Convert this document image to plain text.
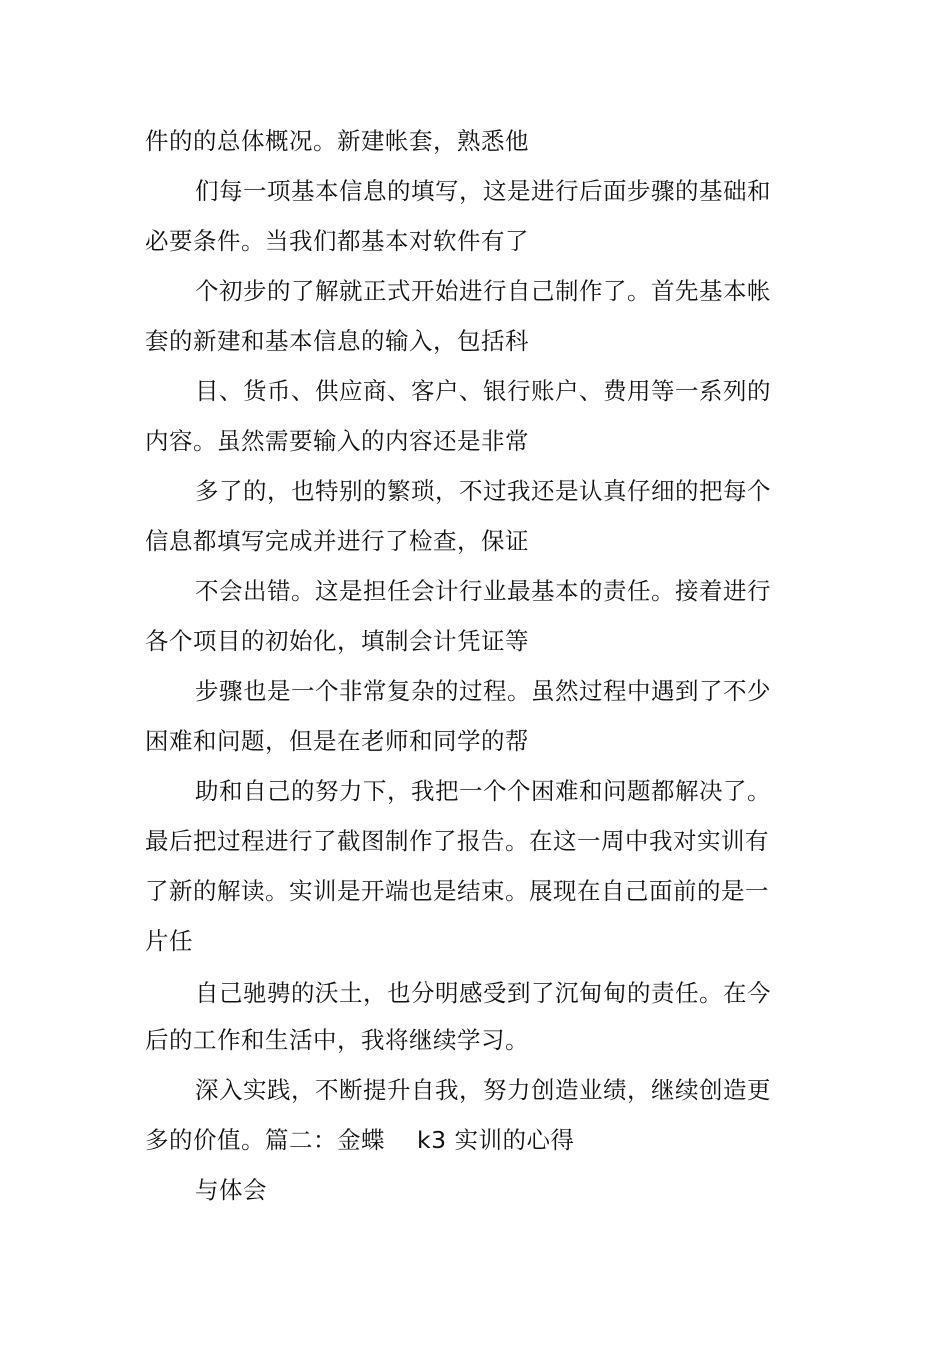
件的的总体概况。新建帐套，熟悉他
们每一项基本信息的填写，这是进行后面步骤的基础和
必要条件。当我们都基本对软件有了
个初步的了解就正式开始进行自己制作了。首先基本帐
套的新建和基本信息的输入，包括科
目、货币、供应商、客户、银行账户、费用等一系列的
内容。虽然需要输入的内容还是非常
多了的，也特别的繁琐，不过我还是认真仔细的把每个
信息都填写完成并进行了检查，保证
不会出错。这是担任会计行业最基本的责任。接着进行
各个项目的初始化，填制会计凭证等
步骤也是一个非常复杂的过程。虽然过程中遇到了不少
困难和问题，但是在老师和同学的帮
助和自己的努力下，我把一个个困难和问题都解决了。
最后把过程进行了截图制作了报告。在这一周中我对实训有
了新的解读。实训是开端也是结束。展现在自己面前的是一
片任
自己驰骋的沃土，也分明感受到了沉甸甸的责任。在今
后的工作和生活中，我将继续学习。
深入实践，不断提升自我，努力创造业绩，继续创造更
多的价值。篇二：金蝶　 k3 实训的心得
与体会
